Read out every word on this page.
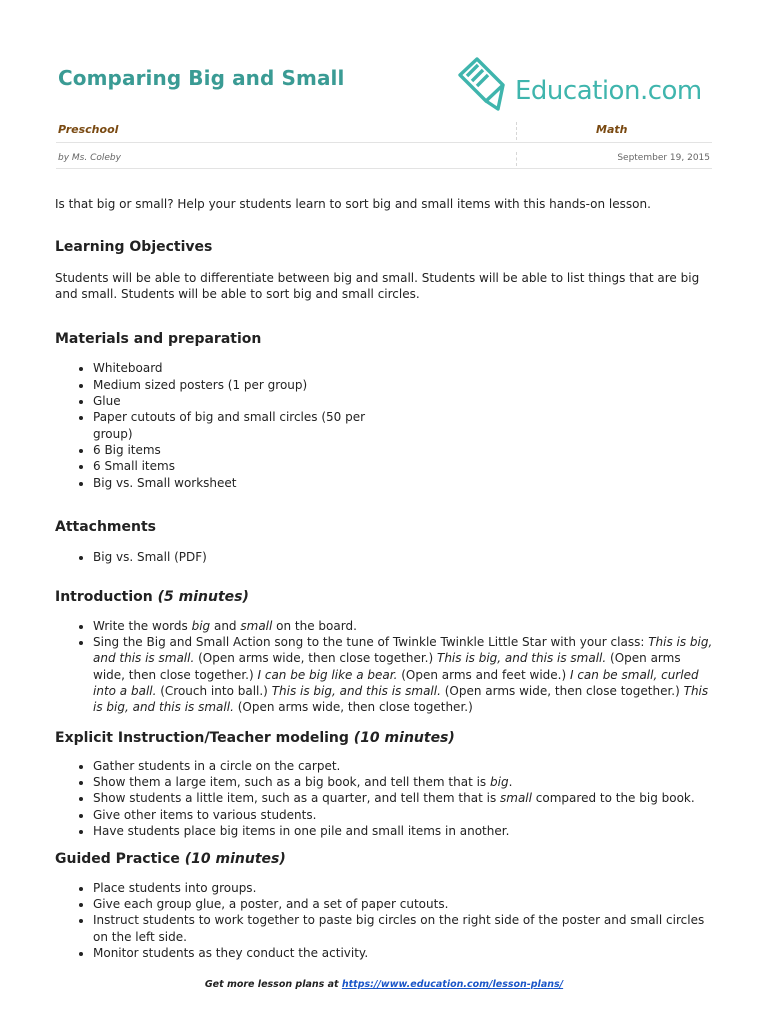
Comparing Big and Small	Education.com
Preschool	Math
by Ms. Coleby	September 19, 2015

Is that big or small? Help your students learn to sort big and small items with this hands-on lesson.

Learning Objectives

Students will be able to differentiate between big and small. Students will be able to list things that are big and small. Students will be able to sort big and small circles.

Materials and preparation
• Whiteboard
• Medium sized posters (1 per group)
• Glue
• Paper cutouts of big and small circles (50 per group)
• 6 Big items
• 6 Small items
• Big vs. Small worksheet
Attachments
• Big vs. Small (PDF)
Introduction (5 minutes)
• Write the words big and small on the board.
• Sing the Big and Small Action song to the tune of Twinkle Twinkle Little Star with your class: This is big, and this is small. (Open arms wide, then close together.) This is big, and this is small. (Open arms wide, then close together.) I can be big like a bear. (Open arms and feet wide.) I can be small, curled into a ball. (Crouch into ball.) This is big, and this is small. (Open arms wide, then close together.) This is big, and this is small. (Open arms wide, then close together.)
Explicit Instruction/Teacher modeling (10 minutes)
• Gather students in a circle on the carpet.
• Show them a large item, such as a big book, and tell them that is big.
• Show students a little item, such as a quarter, and tell them that is small compared to the big book.
• Give other items to various students.
• Have students place big items in one pile and small items in another.
Guided Practice (10 minutes)
• Place students into groups.
• Give each group glue, a poster, and a set of paper cutouts.
• Instruct students to work together to paste big circles on the right side of the poster and small circles on the left side.
• Monitor students as they conduct the activity.
Get more lesson plans at https://www.education.com/lesson-plans/
